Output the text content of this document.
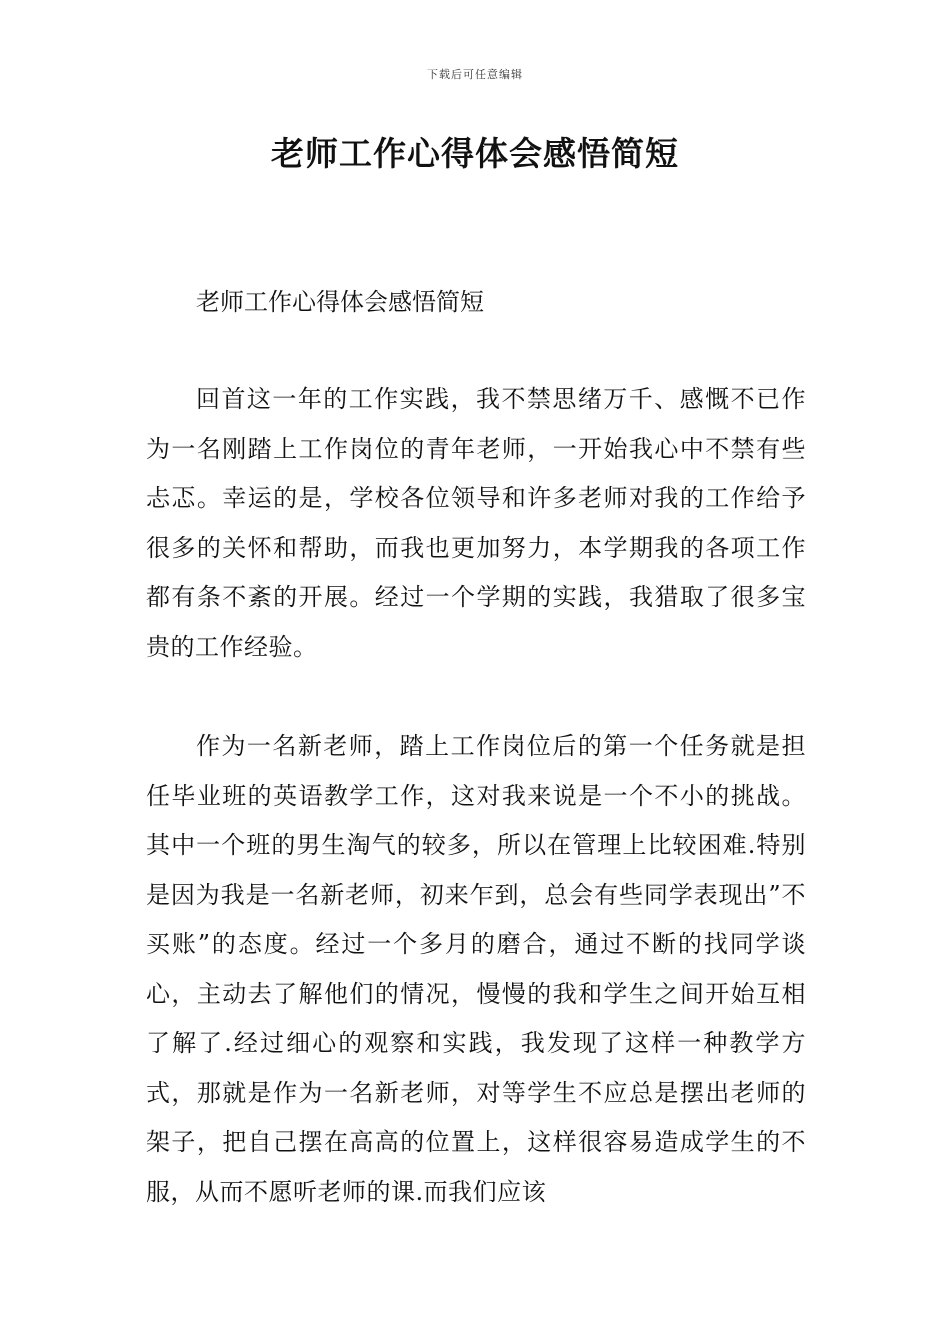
下载后可任意编辑
老师工作心得体会感悟简短

老师工作心得体会感悟简短

回首这一年的工作实践，我不禁思绪万千、感慨不已作为一名刚踏上工作岗位的青年老师，一开始我心中不禁有些忐忑。幸运的是，学校各位领导和许多老师对我的工作给予很多的关怀和帮助，而我也更加努力，本学期我的各项工作都有条不紊的开展。经过一个学期的实践，我猎取了很多宝贵的工作经验。

作为一名新老师，踏上工作岗位后的第一个任务就是担任毕业班的英语教学工作，这对我来说是一个不小的挑战。其中一个班的男生淘气的较多，所以在管理上比较困难.特别是因为我是一名新老师，初来乍到，总会有些同学表现出”不买账”的态度。经过一个多月的磨合，通过不断的找同学谈心，主动去了解他们的情况，慢慢的我和学生之间开始互相了解了.经过细心的观察和实践，我发现了这样一种教学方式，那就是作为一名新老师，对等学生不应总是摆出老师的架子，把自己摆在高高的位置上，这样很容易造成学生的不服，从而不愿听老师的课.而我们应该
